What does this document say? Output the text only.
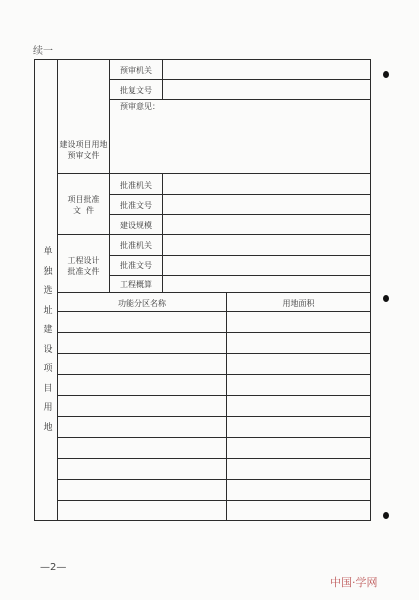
续一
单
独
选
址
建
设
项
目
用
地
建设项目用地
预审文件
预审机关
批复文号
预审意见：
项目批准
文  件
批准机关
批准文号
建设规模
工程设计
批准文件
批准机关
批准文号
工程概算
功能分区名称	用地面积
—2—
中国·学网
